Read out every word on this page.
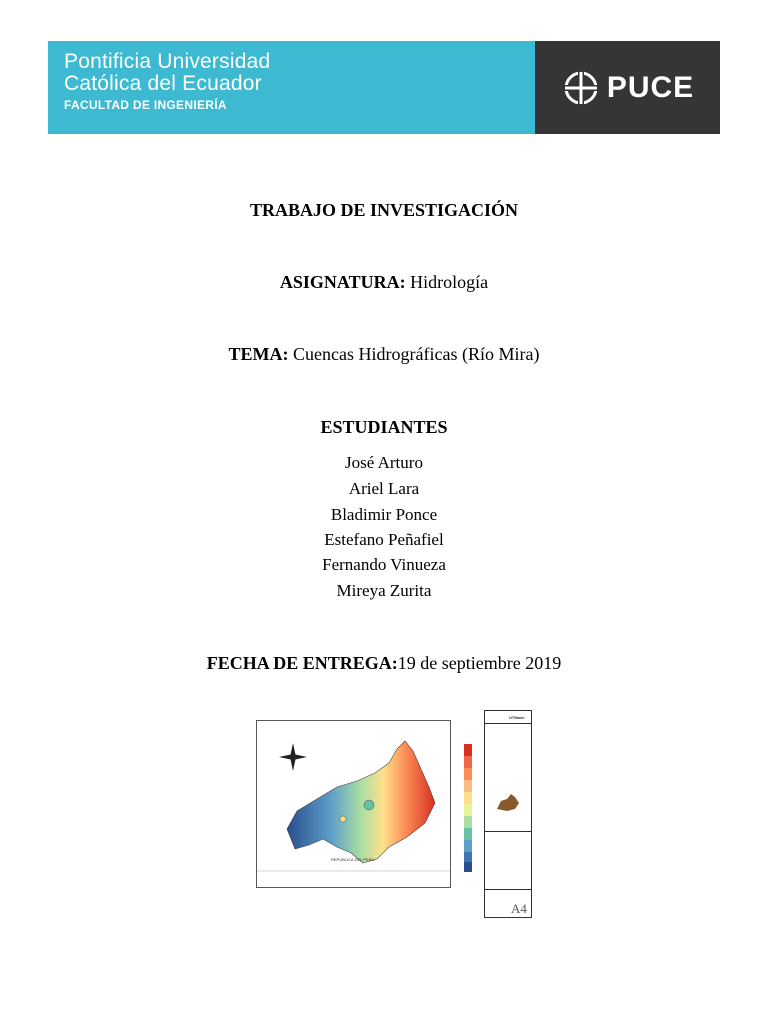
Pontificia Universidad
Católica del Ecuador
FACULTAD DE INGENIERÍA
PUCE
TRABAJO DE INVESTIGACIÓN
ASIGNATURA: Hidrología
TEMA: Cuencas Hidrográficas (Río Mira)
ESTUDIANTES
José Arturo
Ariel Lara
Bladimir Ponce
Estefano Peñafiel
Fernando Vinueza
Mireya Zurita
FECHA DE ENTREGA:19 de septiembre 2019
REPUBLICA DEL PERU
UTMach
A4
